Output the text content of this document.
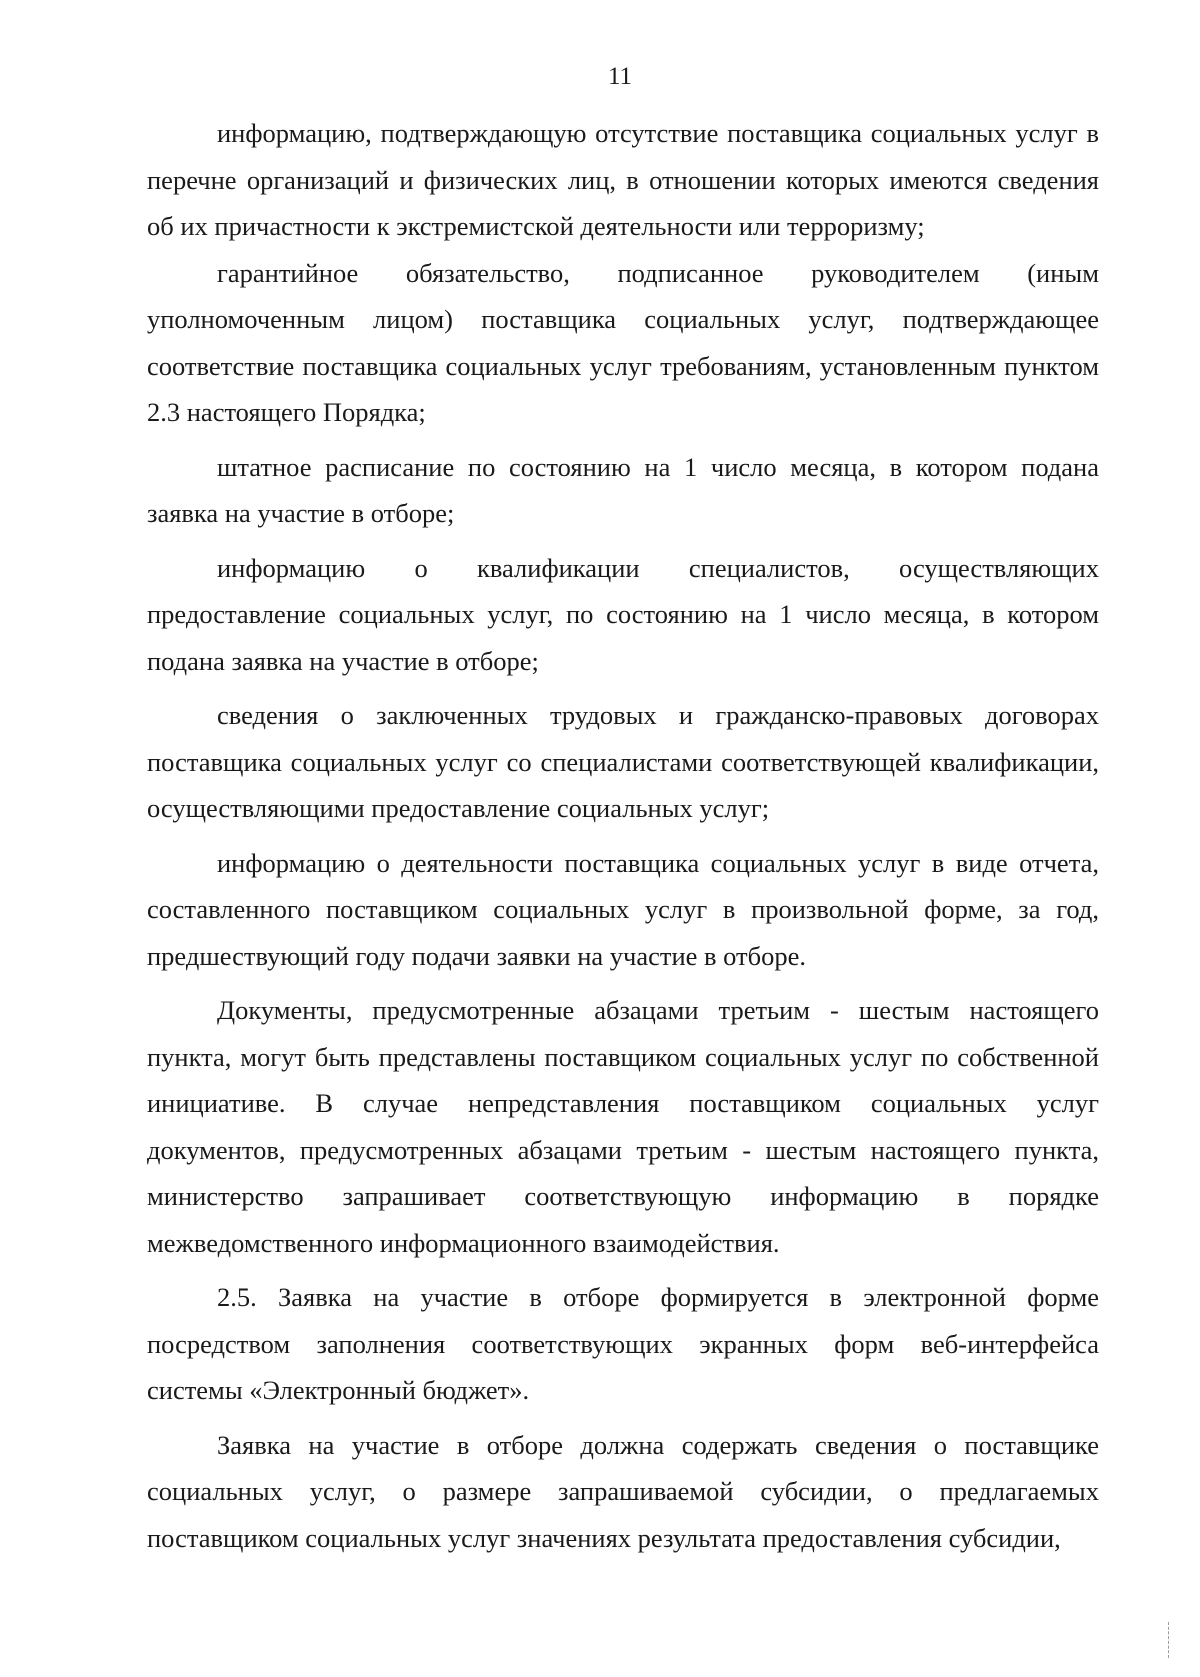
11

информацию, подтверждающую отсутствие поставщика социальных услуг в перечне организаций и физических лиц, в отношении которых имеются сведения об их причастности к экстремистской деятельности или терроризму;

гарантийное обязательство, подписанное руководителем (иным уполномоченным лицом) поставщика социальных услуг, подтверждающее соответствие поставщика социальных услуг требованиям, установленным пунктом 2.3 настоящего Порядка;

штатное расписание по состоянию на 1 число месяца, в котором подана заявка на участие в отборе;

информацию о квалификации специалистов, осуществляющих предоставление социальных услуг, по состоянию на 1 число месяца, в котором подана заявка на участие в отборе;

сведения о заключенных трудовых и гражданско-правовых договорах поставщика социальных услуг со специалистами соответствующей квалификации, осуществляющими предоставление социальных услуг;

информацию о деятельности поставщика социальных услуг в виде отчета, составленного поставщиком социальных услуг в произвольной форме, за год, предшествующий году подачи заявки на участие в отборе.

Документы, предусмотренные абзацами третьим - шестым настоящего пункта, могут быть представлены поставщиком социальных услуг по собственной инициативе. В случае непредставления поставщиком социальных услуг документов, предусмотренных абзацами третьим - шестым настоящего пункта, министерство запрашивает соответствующую информацию в порядке межведомственного информационного взаимодействия.

2.5. Заявка на участие в отборе формируется в электронной форме посредством заполнения соответствующих экранных форм веб-интерфейса системы «Электронный бюджет».

Заявка на участие в отборе должна содержать сведения о поставщике социальных услуг, о размере запрашиваемой субсидии, о предлагаемых поставщиком социальных услуг значениях результата предоставления субсидии,
